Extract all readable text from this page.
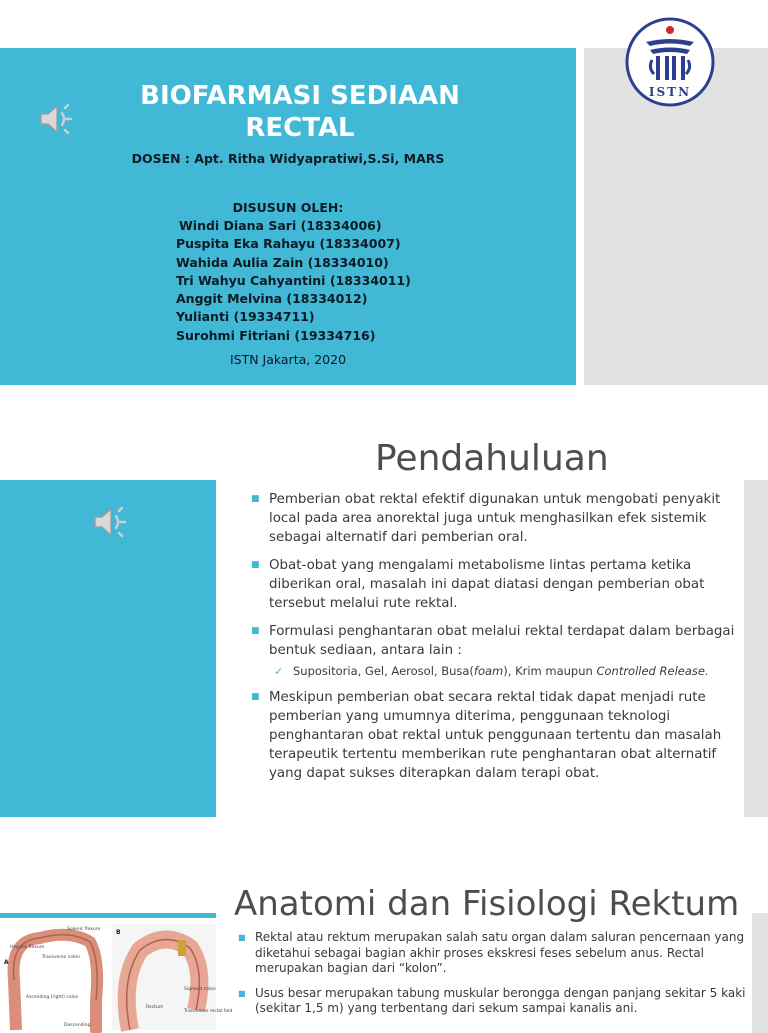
BIOFARMASI SEDIAAN
RECTAL
DOSEN : Apt. Ritha Widyapratiwi,S.Si, MARS
DISUSUN OLEH:
Windi Diana Sari (18334006)
Puspita Eka Rahayu (18334007)
Wahida Aulia Zain (18334010)
Tri Wahyu Cahyantini (18334011)
Anggit Melvina (18334012)
Yulianti (19334711)
Surohmi Fitriani (19334716)
ISTN Jakarta, 2020
ISTN
Pendahuluan
■ Pemberian obat rektal efektif digunakan untuk mengobati penyakit local pada area anorektal juga untuk menghasilkan efek sistemik sebagai alternatif dari pemberian oral.
■ Obat-obat yang mengalami metabolisme lintas pertama ketika diberikan oral, masalah ini dapat diatasi dengan pemberian obat tersebut melalui rute rektal.
■ Formulasi penghantaran obat melalui rektal terdapat dalam berbagai bentuk sediaan, antara lain :
✓ Supositoria, Gel, Aerosol, Busa(foam), Krim maupun Controlled Release.
■ Meskipun pemberian obat secara rektal tidak dapat menjadi rute pemberian yang umumnya diterima, penggunaan teknologi penghantaran obat rektal untuk penggunaan tertentu dan masalah terapeutik tertentu memberikan rute penghantaran obat alternatif yang dapat sukses diterapkan dalam terapi obat.
Anatomi dan Fisiologi Rektum
Splenic flexure
Hepatic flexure
Transverse colon
Ascending (right) colon
Descending
Sigmoid colon
Transverse rectal fold
Rectum
A
B
■ Rektal atau rektum merupakan salah satu organ dalam saluran pencernaan yang diketahui sebagai bagian akhir proses ekskresi feses sebelum anus. Rectal merupakan bagian dari “kolon”.
■ Usus besar merupakan tabung muskular berongga dengan panjang sekitar 5 kaki (sekitar 1,5 m) yang terbentang dari sekum sampai kanalis ani.
